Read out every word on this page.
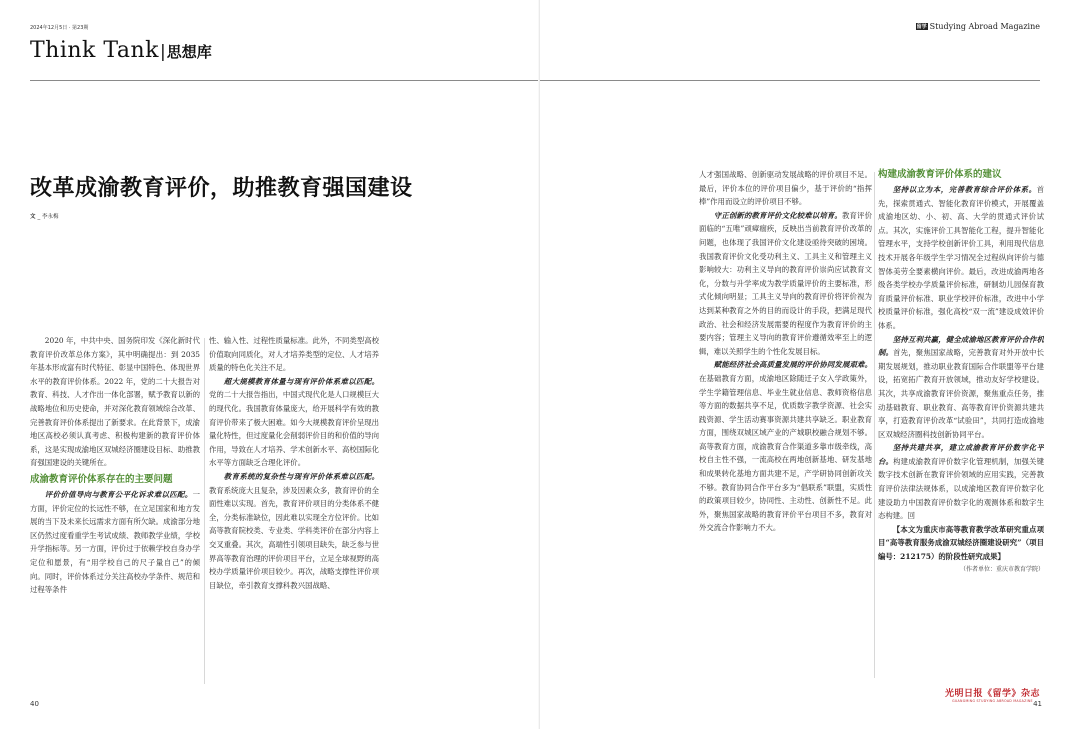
2024年12月5日 · 第23期
Think Tank|思想库
改革成渝教育评价，助推教育强国建设
文 _ 李永梅

2020 年，中共中央、国务院印发《深化新时代教育评价改革总体方案》，其中明确提出：到 2035 年基本形成富有时代特征、彰显中国特色、体现世界水平的教育评价体系。2022 年，党的二十大报告对教育、科技、人才作出一体化部署，赋予教育以新的战略地位和历史使命，并对深化教育领域综合改革、完善教育评价体系提出了新要求。在此背景下，成渝地区高校必须认真考虑、积极构建新的教育评价体系，这是实现成渝地区双城经济圈建设目标、助推教育强国建设的关键所在。

成渝教育评价体系存在的主要问题

评价价值导向与教育公平化诉求难以匹配。一方面，评价定位的长远性不够，在立足国家和地方发展的当下及未来长远需求方面有所欠缺。成渝部分地区仍然过度看重学生考试成绩、教师教学业绩，学校升学指标等。另一方面，评价过于依赖学校自身办学定位和愿景，有“用学校自己的尺子量自己”的倾向。同时，评价体系过分关注高校办学条件、规范和过程等条件

性、输入性、过程性质量标准。此外，不同类型高校价值取向同质化，对人才培养类型的定位、人才培养质量的特色化关注不足。

超大规模教育体量与现有评价体系难以匹配。党的二十大报告指出，中国式现代化是人口规模巨大的现代化。我国教育体量庞大，给开展科学有效的教育评价带来了极大困难。如今大规模教育评价呈现出量化特性，但过度量化会削弱评价目的和价值的导向作用，导致在人才培养、学术创新水平、高校国际化水平等方面缺乏合理化评价。

教育系统的复杂性与现有评价体系难以匹配。教育系统庞大且复杂，涉及因素众多，教育评价的全面性难以实现。首先，教育评价项目的分类体系不健全，分类标准缺位，因此难以实现全方位评价。比如高等教育院校类、专业类、学科类评价在部分内容上交叉重叠。其次，高端性引领项目缺失，缺乏参与世界高等教育治理的评价项目平台，立足全球视野的高校办学质量评价项目较少。再次，战略支撑性评价项目缺位，牵引教育支撑科教兴国战略、

40
留学 Studying Abroad Magazine

人才强国战略、创新驱动发展战略的评价项目不足。最后，评价本位的评价项目偏少，基于评价的“指挥棒”作用而设立的评价项目不够。

守正创新的教育评价文化较难以培育。教育评价面临的“五唯”顽瘴痼疾，反映出当前教育评价改革的问题，也体现了我国评价文化建设亟待突破的困境。我国教育评价文化受功利主义、工具主义和管理主义影响较大：功利主义导向的教育评价崇尚应试教育文化，分数与升学率成为教学质量评价的主要标准，形式化倾向明显；工具主义导向的教育评价将评价视为达到某种教育之外的目的而设计的手段，把满足现代政治、社会和经济发展需要的程度作为教育评价的主要内容；管理主义导向的教育评价遵循效率至上的逻辑，难以关照学生的个性化发展目标。

赋能经济社会高质量发展的评价协同发展艰难。在基础教育方面，成渝地区除随迁子女入学政策外，学生学籍管理信息、毕业生就业信息、教师资格信息等方面的数据共享不足，优质数字教学资源、社会实践资源、学生活动赛事资源共建共享缺乏。职业教育方面，围绕双城区域产业的产城职校融合规划不够。高等教育方面，成渝教育合作渠道多靠市级牵线，高校自主性不强，一流高校在两地创新基地、研发基地和成果转化基地方面共建不足，产学研协同创新攻关不够。教育协同合作平台多为“倡联系”联盟，实质性的政策项目较少，协同性、主动性、创新性不足。此外，聚焦国家战略的教育评价平台项目不多，教育对外交流合作影响力不大。

构建成渝教育评价体系的建议

坚持以立为本，完善教育综合评价体系。首先，探索贯通式、智能化教育评价模式，开展覆盖成渝地区幼、小、初、高、大学的贯通式评价试点。其次，实施评价工具智能化工程，提升智能化管理水平，支持学校创新评价工具，利用现代信息技术开展各年级学生学习情况全过程纵向评价与德智体美劳全要素横向评价。最后，改进成渝两地各级各类学校办学质量评价标准，研制幼儿园保育教育质量评价标准、职业学校评价标准，改进中小学校质量评价标准，强化高校“双一流”建设成效评价体系。

坚持互利共赢，健全成渝地区教育评价合作机制。首先，聚焦国家战略，完善教育对外开放中长期发展规划，推动职业教育国际合作联盟等平台建设，拓宽拓广教育开放领域，推动友好学校建设。其次，共享成渝教育评价资源，聚焦重点任务，推动基础教育、职业教育、高等教育评价资源共建共享，打造教育评价改革“试验田”，共同打造成渝地区双城经济圈科技创新协同平台。

坚持共建共享，建立成渝教育评价数字化平台。构建成渝教育评价数字化管理机制，加强关键数字技术创新在教育评价领域的应用实践，完善教育评价法律法规体系，以成渝地区教育评价数字化建设助力中国教育评价数字化的观测体系和数字生态构建。回

【本文为重庆市高等教育教学改革研究重点项目“高等教育服务成渝双城经济圈建设研究”（项目编号：212175）的阶段性研究成果】

（作者单位：重庆市教育学院）

光明日报《留学》杂志
GUANGMING STUDYING ABROAD MAGAZINE 41
